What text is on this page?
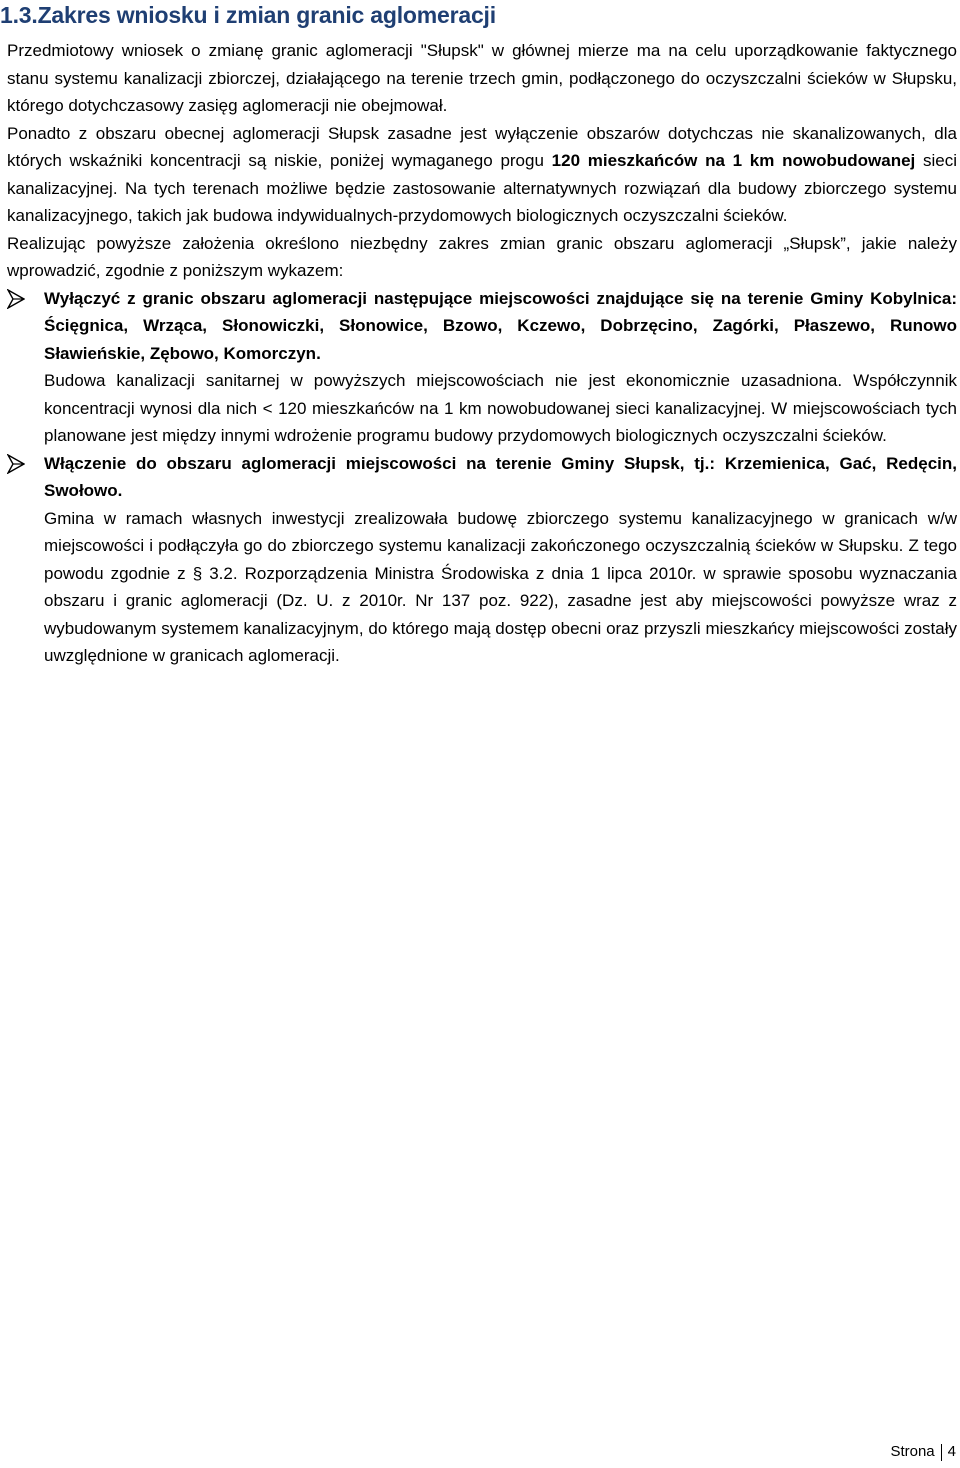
1.3.Zakres wniosku i zmian granic aglomeracji

Przedmiotowy wniosek o zmianę granic aglomeracji "Słupsk" w głównej mierze ma na celu uporządkowanie faktycznego stanu systemu kanalizacji zbiorczej, działającego na terenie trzech gmin, podłączonego do oczyszczalni ścieków w Słupsku, którego dotychczasowy zasięg aglomeracji nie obejmował.

Ponadto z obszaru obecnej aglomeracji Słupsk zasadne jest wyłączenie obszarów dotychczas nie skanalizowanych, dla których wskaźniki koncentracji są niskie, poniżej wymaganego progu 120 mieszkańców na 1 km nowobudowanej sieci kanalizacyjnej. Na tych terenach możliwe będzie zastosowanie alternatywnych rozwiązań dla budowy zbiorczego systemu kanalizacyjnego, takich jak budowa indywidualnych-przydomowych biologicznych oczyszczalni ścieków.

Realizując powyższe założenia określono niezbędny zakres zmian granic obszaru aglomeracji „Słupsk”, jakie należy wprowadzić, zgodnie z poniższym wykazem:

Wyłączyć z granic obszaru aglomeracji następujące miejscowości znajdujące się na terenie Gminy Kobylnica: Ścięgnica, Wrząca, Słonowiczki, Słonowice, Bzowo, Kczewo, Dobrzęcino, Zagórki, Płaszewo, Runowo Sławieńskie, Zębowo, Komorczyn.

Budowa kanalizacji sanitarnej w powyższych miejscowościach nie jest ekonomicznie uzasadniona. Współczynnik koncentracji wynosi dla nich < 120 mieszkańców na 1 km nowobudowanej sieci kanalizacyjnej. W miejscowościach tych planowane jest między innymi wdrożenie programu budowy przydomowych biologicznych oczyszczalni ścieków.

Włączenie do obszaru aglomeracji miejscowości na terenie Gminy Słupsk, tj.: Krzemienica, Gać, Redęcin, Swołowo.

Gmina w ramach własnych inwestycji zrealizowała budowę zbiorczego systemu kanalizacyjnego w granicach w/w miejscowości i podłączyła go do zbiorczego systemu kanalizacji zakończonego oczyszczalnią ścieków w Słupsku. Z tego powodu zgodnie z § 3.2. Rozporządzenia Ministra Środowiska z dnia 1 lipca 2010r. w sprawie sposobu wyznaczania obszaru i granic aglomeracji (Dz. U. z 2010r. Nr 137 poz. 922), zasadne jest aby miejscowości powyższe wraz z wybudowanym systemem kanalizacyjnym, do którego mają dostęp obecni oraz przyszli mieszkańcy miejscowości zostały uwzględnione w granicach aglomeracji.

Strona 4
